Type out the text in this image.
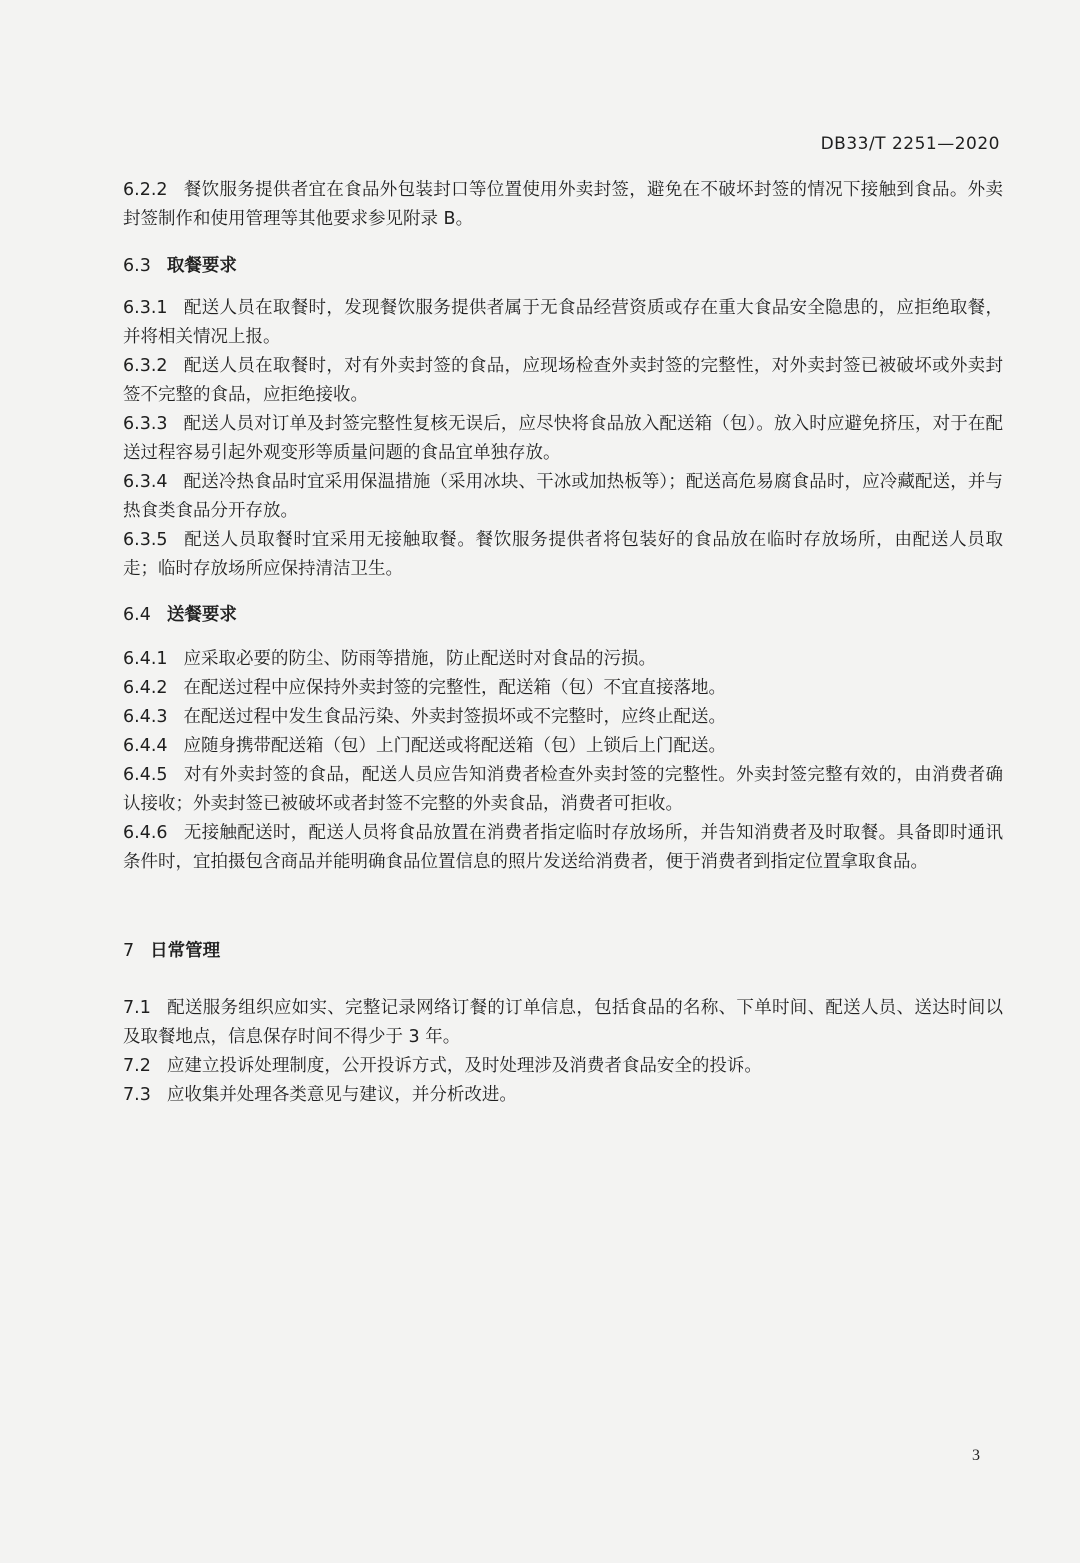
DB33/T 2251—2020
6.2.2 餐饮服务提供者宜在食品外包装封口等位置使用外卖封签，避免在不破坏封签的情况下接触到食品。外卖封签制作和使用管理等其他要求参见附录 B。
6.3 取餐要求
6.3.1 配送人员在取餐时，发现餐饮服务提供者属于无食品经营资质或存在重大食品安全隐患的，应拒绝取餐，并将相关情况上报。
6.3.2 配送人员在取餐时，对有外卖封签的食品，应现场检查外卖封签的完整性，对外卖封签已被破坏或外卖封签不完整的食品，应拒绝接收。
6.3.3 配送人员对订单及封签完整性复核无误后，应尽快将食品放入配送箱（包）。放入时应避免挤压，对于在配送过程容易引起外观变形等质量问题的食品宜单独存放。
6.3.4 配送冷热食品时宜采用保温措施（采用冰块、干冰或加热板等）；配送高危易腐食品时，应冷藏配送，并与热食类食品分开存放。
6.3.5 配送人员取餐时宜采用无接触取餐。餐饮服务提供者将包装好的食品放在临时存放场所，由配送人员取走；临时存放场所应保持清洁卫生。
6.4 送餐要求
6.4.1 应采取必要的防尘、防雨等措施，防止配送时对食品的污损。
6.4.2 在配送过程中应保持外卖封签的完整性，配送箱（包）不宜直接落地。
6.4.3 在配送过程中发生食品污染、外卖封签损坏或不完整时，应终止配送。
6.4.4 应随身携带配送箱（包）上门配送或将配送箱（包）上锁后上门配送。
6.4.5 对有外卖封签的食品，配送人员应告知消费者检查外卖封签的完整性。外卖封签完整有效的，由消费者确认接收；外卖封签已被破坏或者封签不完整的外卖食品，消费者可拒收。
6.4.6 无接触配送时，配送人员将食品放置在消费者指定临时存放场所，并告知消费者及时取餐。具备即时通讯条件时，宜拍摄包含商品并能明确食品位置信息的照片发送给消费者，便于消费者到指定位置拿取食品。
7 日常管理
7.1 配送服务组织应如实、完整记录网络订餐的订单信息，包括食品的名称、下单时间、配送人员、送达时间以及取餐地点，信息保存时间不得少于 3 年。
7.2 应建立投诉处理制度，公开投诉方式，及时处理涉及消费者食品安全的投诉。
7.3 应收集并处理各类意见与建议，并分析改进。
3
